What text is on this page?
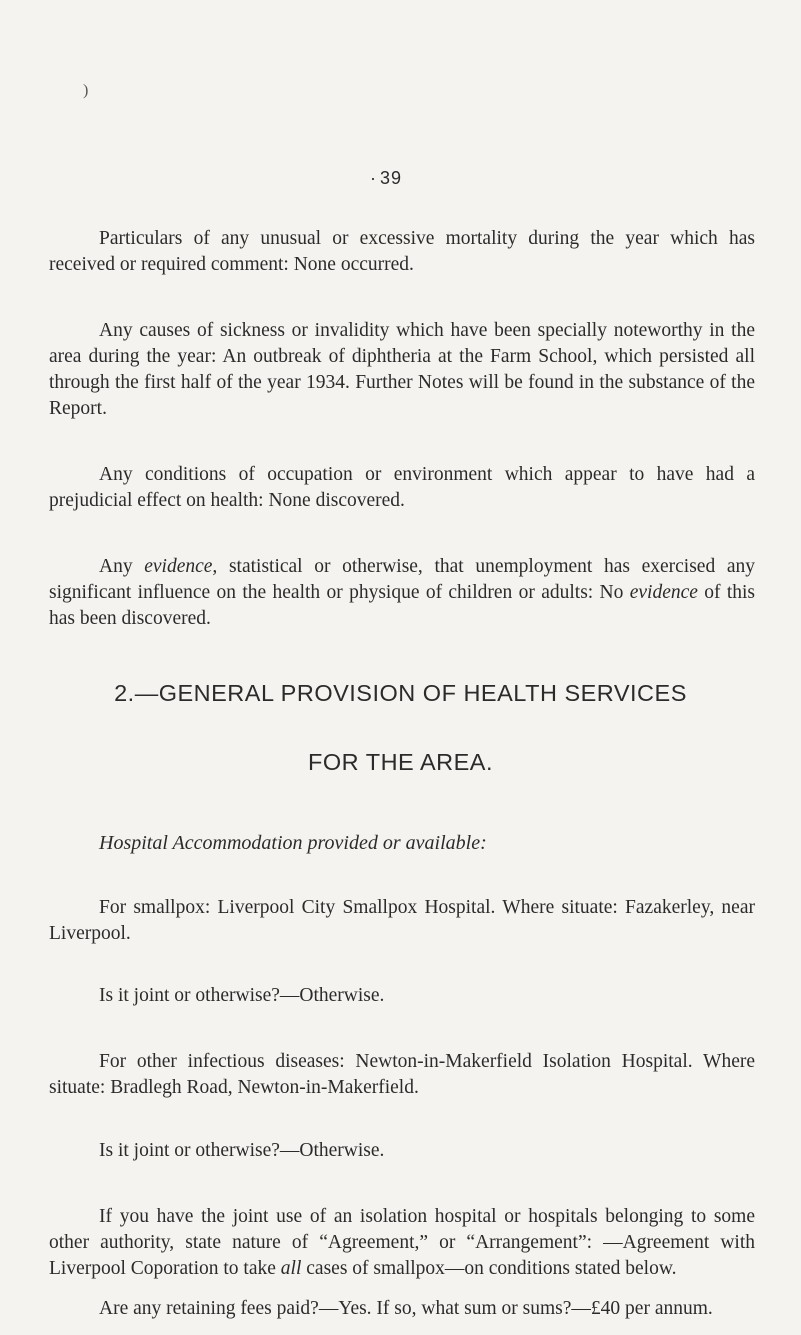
)
· 39

Particulars of any unusual or excessive mortality during the year which has received or required comment: None occurred.

Any causes of sickness or invalidity which have been specially noteworthy in the area during the year: An outbreak of diphtheria at the Farm School, which persisted all through the first half of the year 1934. Further Notes will be found in the substance of the Report.

Any conditions of occupation or environment which appear to have had a prejudicial effect on health: None discovered.

Any evidence, statistical or otherwise, that unemployment has exercised any significant influence on the health or physique of children or adults: No evidence of this has been discovered.

2.—GENERAL PROVISION OF HEALTH SERVICES
FOR THE AREA.

Hospital Accommodation provided or available:

For smallpox: Liverpool City Smallpox Hospital. Where situate: Fazakerley, near Liverpool.

Is it joint or otherwise?—Otherwise.

For other infectious diseases: Newton-in-Makerfield Isolation Hospital. Where situate: Bradlegh Road, Newton-in-Makerfield.

Is it joint or otherwise?—Otherwise.

If you have the joint use of an isolation hospital or hospitals belonging to some other authority, state nature of “Agreement,” or “Arrangement”: —Agreement with Liverpool Coporation to take all cases of smallpox—on conditions stated below.

Are any retaining fees paid?—Yes. If so, what sum or sums?—£40 per annum.
